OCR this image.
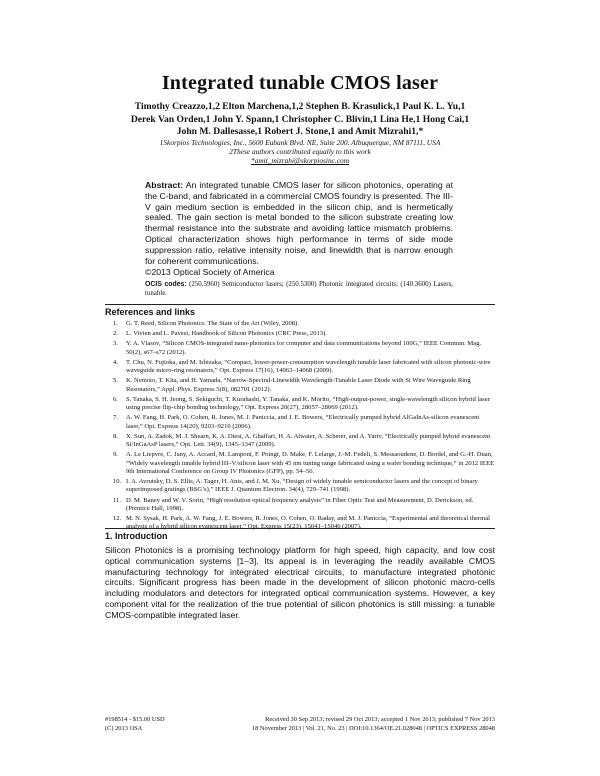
Integrated tunable CMOS laser
Timothy Creazzo,1,2 Elton Marchena,1,2 Stephen B. Krasulick,1 Paul K. L. Yu,1
Derek Van Orden,1 John Y. Spann,1 Christopher C. Blivin,1 Lina He,1 Hong Cai,1
John M. Dallesasse,1 Robert J. Stone,1 and Amit Mizrahi1,*
1Skorpios Technologies, Inc., 5600 Eubank Blvd. NE, Suite 200, Albuquerque, NM 87111, USA
2These authors contributed equally to this work
*amit_mizrahi@skorpiosinc.com
Abstract: An integrated tunable CMOS laser for silicon photonics, operating at the C-band, and fabricated in a commercial CMOS foundry is presented. The III-V gain medium section is embedded in the silicon chip, and is hermetically sealed. The gain section is metal bonded to the silicon substrate creating low thermal resistance into the substrate and avoiding lattice mismatch problems. Optical characterization shows high performance in terms of side mode suppression ratio, relative intensity noise, and linewidth that is narrow enough for coherent communications.
©2013 Optical Society of America
OCIS codes: (250.5960) Semiconductor lasers; (250.5300) Photonic integrated circuits; (140.3600) Lasers, tunable.
References and links
1. G. T. Reed, Silicon Photonics: The State of the Art (Wiley, 2008).
2. L. Vivien and L. Pavesi, Handbook of Silicon Photonics (CRC Press, 2013).
3. Y. A. Vlasov, “Silicon CMOS-integrated nano-photonics for computer and data communications beyond 100G,” IEEE Commun. Mag. 50(2), s67–s72 (2012).
4. T. Chu, N. Fujioka, and M. Ishizaka, “Compact, lower-power-consumption wavelength tunable laser fabricated with silicon photonic-wire waveguide micro-ring resonators,” Opt. Express 17(16), 14063–14068 (2009).
5. K. Nemoto, T. Kita, and H. Yamada, “Narrow-Spectral-Linewidth Wavelength-Tunable Laser Diode with Si Wire Waveguide Ring Resonators,” Appl. Phys. Express 5(8), 082701 (2012).
6. S. Tanaka, S. H. Jeong, S. Sekiguchi, T. Kurahashi, Y. Tanaka, and K. Morito, “High-output-power, single-wavelength silicon hybrid laser using precise flip-chip bonding technology,” Opt. Express 20(27), 28057–28069 (2012).
7. A. W. Fang, H. Park, O. Cohen, R. Jones, M. J. Paniccia, and J. E. Bowers, “Electrically pumped hybrid AlGaInAs-silicon evanescent laser,” Opt. Express 14(20), 9203–9210 (2006).
8. X. Sun, A. Zadok, M. J. Shearn, K. A. Diest, A. Ghaffari, H. A. Atwater, A. Scherer, and A. Yariv, “Electrically pumped hybrid evanescent Si/InGaAsP lasers,” Opt. Lett. 34(9), 1345–1347 (2009).
9. A. Le Liepvre, C. Jany, A. Accard, M. Lamponi, F. Poingt, D. Make, F. Lelarge, J.-M. Fedeli, S. Messaoudene, D. Bordel, and G.-H. Duan, “Widely wavelength tunable hybrid III–V/silicon laser with 45 nm tuning range fabricated using a wafer bonding technique,” in 2012 IEEE 9th International Conference on Group IV Photonics (GFP), pp. 54–56.
10. I. A. Avrutsky, D. S. Ellis, A. Tager, H. Anis, and J. M. Xu, “Design of widely tunable semiconductor lasers and the concept of binary superimposed gratings (BSG’s),” IEEE J. Quantum Electron. 34(4), 729–741 (1998).
11. D. M. Baney and W. V. Sorin, “High resolution optical frequency analysis” in Fiber Optic Test and Measurement, D. Derickson, ed. (Prentice Hall, 1998).
12. M. N. Sysak, H. Park, A. W. Fang, J. E. Bowers, R. Jones, O. Cohen, O. Raday, and M. J. Paniccia, “Experimental and theoretical thermal analysis of a hybrid silicon evanescent laser,” Opt. Express 15(23), 15041–15046 (2007).
1. Introduction
Silicon Photonics is a promising technology platform for high speed, high capacity, and low cost optical communication systems [1–3]. Its appeal is in leveraging the readily available CMOS manufacturing technology for integrated electrical circuits, to manufacture integrated photonic circuits. Significant progress has been made in the development of silicon photonic macro-cells including modulators and detectors for integrated optical communication systems. However, a key component vital for the realization of the true potential of silicon photonics is still missing: a tunable CMOS-compatible integrated laser.
#198514 - $15.00 USD	Received 30 Sep 2013; revised 29 Oct 2013; accepted 1 Nov 2013; published 7 Nov 2013
(C) 2013 OSA	18 November 2013 | Vol. 21, No. 23 | DOI:10.1364/OE.21.028048 | OPTICS EXPRESS 28048
